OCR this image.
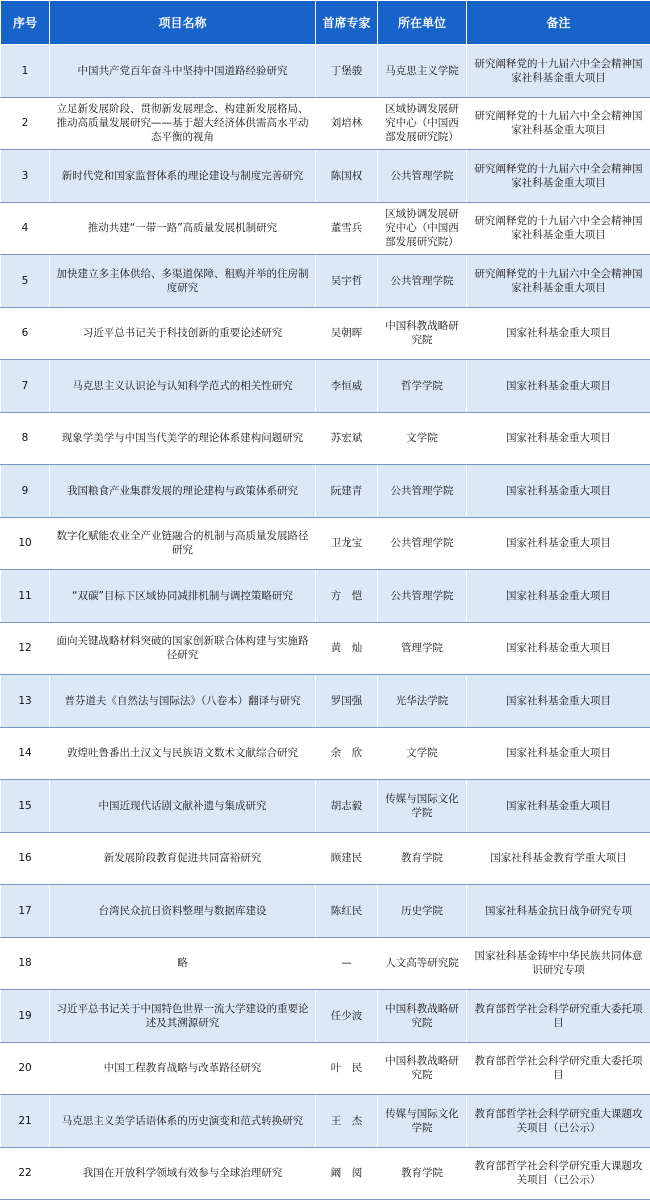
序号	项目名称	首席专家	所在单位	备注
1	中国共产党百年奋斗中坚持中国道路经验研究	丁堡骏	马克思主义学院	研究阐释党的十九届六中全会精神国家社科基金重大项目
2	立足新发展阶段、贯彻新发展理念、构建新发展格局、推动高质量发展研究——基于超大经济体供需高水平动态平衡的视角	刘培林	区域协调发展研究中心（中国西部发展研究院）	研究阐释党的十九届六中全会精神国家社科基金重大项目
3	新时代党和国家监督体系的理论建设与制度完善研究	陈国权	公共管理学院	研究阐释党的十九届六中全会精神国家社科基金重大项目
4	推动共建“一带一路”高质量发展机制研究	董雪兵	区域协调发展研究中心（中国西部发展研究院）	研究阐释党的十九届六中全会精神国家社科基金重大项目
5	加快建立多主体供给、多渠道保障、租购并举的住房制度研究	吴宇哲	公共管理学院	研究阐释党的十九届六中全会精神国家社科基金重大项目
6	习近平总书记关于科技创新的重要论述研究	吴朝晖	中国科教战略研究院	国家社科基金重大项目
7	马克思主义认识论与认知科学范式的相关性研究	李恒威	哲学学院	国家社科基金重大项目
8	现象学美学与中国当代美学的理论体系建构问题研究	苏宏斌	文学院	国家社科基金重大项目
9	我国粮食产业集群发展的理论建构与政策体系研究	阮建青	公共管理学院	国家社科基金重大项目
10	数字化赋能农业全产业链融合的机制与高质量发展路径研究	卫龙宝	公共管理学院	国家社科基金重大项目
11	“双碳”目标下区域协同减排机制与调控策略研究	方　恺	公共管理学院	国家社科基金重大项目
12	面向关键战略材料突破的国家创新联合体构建与实施路径研究	黄　灿	管理学院	国家社科基金重大项目
13	普芬道夫《自然法与国际法》（八卷本）翻译与研究	罗国强	光华法学院	国家社科基金重大项目
14	敦煌吐鲁番出土汉文与民族语文数术文献综合研究	余　欣	文学院	国家社科基金重大项目
15	中国近现代话剧文献补遗与集成研究	胡志毅	传媒与国际文化学院	国家社科基金重大项目
16	新发展阶段教育促进共同富裕研究	顾建民	教育学院	国家社科基金教育学重大项目
17	台湾民众抗日资料整理与数据库建设	陈红民	历史学院	国家社科基金抗日战争研究专项
18	略	—	人文高等研究院	国家社科基金铸牢中华民族共同体意识研究专项
19	习近平总书记关于中国特色世界一流大学建设的重要论述及其溯源研究	任少波	中国科教战略研究院	教育部哲学社会科学研究重大委托项目
20	中国工程教育战略与改革路径研究	叶　民	中国科教战略研究院	教育部哲学社会科学研究重大委托项目
21	马克思主义美学话语体系的历史演变和范式转换研究	王　杰	传媒与国际文化学院	教育部哲学社会科学研究重大课题攻关项目（已公示）
22	我国在开放科学领域有效参与全球治理研究	阚　阅	教育学院	教育部哲学社会科学研究重大课题攻关项目（已公示）
